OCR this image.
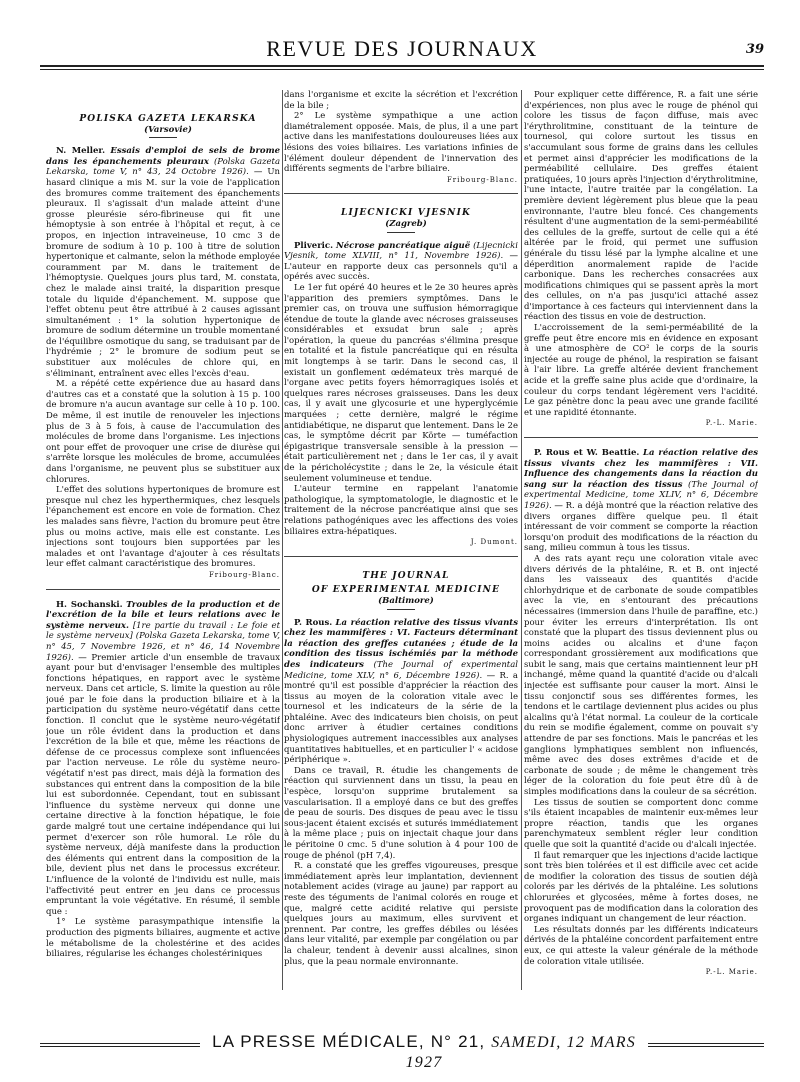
REVUE DES JOURNAUX	39

POLISKA GAZETA LEKARSKA

(Varsovie)

N. Meller. Essais d'emploi de sels de brome dans les épanchements pleuraux (Polska Gazeta Lekarska, tome V, n° 43, 24 Octobre 1926). — Un hasard clinique a mis M. sur la voie de l'application des bromures comme traitement des épanchements pleuraux. Il s'agissait d'un malade atteint d'une grosse pleurésie séro-fibrineuse qui fit une hémoptysie à son entrée à l'hôpital et reçut, à ce propos, en injection intraveineuse, 10 cmc 3 de bromure de sodium à 10 p. 100 à titre de solution hypertonique et calmante, selon la méthode employée couramment par M. dans le traitement de l'hémoptysie. Quelques jours plus tard, M. constata, chez le malade ainsi traité, la disparition presque totale du liquide d'épanchement. M. suppose que l'effet obtenu peut être attribué à 2 causes agissant simultanément : 1° la solution hypertonique de bromure de sodium détermine un trouble momentané de l'équilibre osmotique du sang, se traduisant par de l'hydrémie ; 2° le bromure de sodium peut se substituer aux molécules de chlore qui, en s'éliminant, entraînent avec elles l'excès d'eau.

M. a répété cette expérience due au hasard dans d'autres cas et a constaté que la solution à 15 p. 100 de bromure n'a aucun avantage sur celle à 10 p. 100. De même, il est inutile de renouveler les injections plus de 3 à 5 fois, à cause de l'accumulation des molécules de brome dans l'organisme. Les injections ont pour effet de provoquer une crise de diurèse qui s'arrête lorsque les molécules de brome, accumulées dans l'organisme, ne peuvent plus se substituer aux chlorures.

L'effet des solutions hypertoniques de bromure est presque nul chez les hyperthermiques, chez lesquels l'épanchement est encore en voie de formation. Chez les malades sans fièvre, l'action du bromure peut être plus ou moins active, mais elle est constante. Les injections sont toujours bien supportées par les malades et ont l'avantage d'ajouter à ces résultats leur effet calmant caractéristique des bromures.

Fribourg-Blanc.

H. Sochanski. Troubles de la production et de l'excrétion de la bile et leurs relations avec le système nerveux. [1re partie du travail : Le foie et le système nerveux] (Polska Gazeta Lekarska, tome V, n° 45, 7 Novembre 1926, et n° 46, 14 Novembre 1926). — Premier article d'un ensemble de travaux ayant pour but d'envisager l'ensemble des multiples fonctions hépatiques, en rapport avec le système nerveux. Dans cet article, S. limite la question au rôle joué par le foie dans la production biliaire et à la participation du système neuro-végétatif dans cette fonction. Il conclut que le système neuro-végétatif joue un rôle évident dans la production et dans l'excrétion de la bile et que, même les réactions de défense de ce processus complexe sont influencées par l'action nerveuse. Le rôle du système neuro-végétatif n'est pas direct, mais déjà la formation des substances qui entrent dans la composition de la bile lui est subordonnée. Cependant, tout en subissant l'influence du système nerveux qui donne une certaine directive à la fonction hépatique, le foie garde malgré tout une certaine indépendance qui lui permet d'exercer son rôle humoral. Le rôle du système nerveux, déjà manifeste dans la production des éléments qui entrent dans la composition de la bile, devient plus net dans le processus excréteur. L'influence de la volonté de l'individu est nulle, mais l'affectivité peut entrer en jeu dans ce processus empruntant la voie végétative. En résumé, il semble que :

1° Le système parasympathique intensifie la production des pigments biliaires, augmente et active le métabolisme de la cholestérine et des acides biliaires, régularise les échanges cholestériniques

dans l'organisme et excite la sécrétion et l'excrétion de la bile ;

2° Le système sympathique a une action diamétralement opposée. Mais, de plus, il a une part active dans les manifestations douloureuses liées aux lésions des voies biliaires. Les variations infinies de l'élément douleur dépendent de l'innervation des différents segments de l'arbre biliaire.

Fribourg-Blanc.

LIJECNICKI VJESNIK

(Zagreb)

Pliveric. Nécrose pancréatique aiguë (Lijecnicki Vjesnik, tome XLVIII, n° 11, Novembre 1926). — L'auteur en rapporte deux cas personnels qu'il a opérés avec succès.

Le 1er fut opéré 40 heures et le 2e 30 heures après l'apparition des premiers symptômes. Dans le premier cas, on trouva une suffusion hémorragique étendue de toute la glande avec nécroses graisseuses considérables et exsudat brun sale ; après l'opération, la queue du pancréas s'élimina presque en totalité et la fistule pancréatique qui en résulta mit longtemps à se tarir. Dans le second cas, il existait un gonflement œdémateux très marqué de l'organe avec petits foyers hémorragiques isolés et quelques rares nécroses graisseuses. Dans les deux cas, il y avait une glycosurie et une hyperglycémie marquées ; cette dernière, malgré le régime antidiabétique, ne disparut que lentement. Dans le 2e cas, le symptôme décrit par Körte — tuméfaction épigastrique transversale sensible à la pression — était particulièrement net ; dans le 1er cas, il y avait de la péricholécystite ; dans le 2e, la vésicule était seulement volumineuse et tendue.

L'auteur termine en rappelant l'anatomie pathologique, la symptomatologie, le diagnostic et le traitement de la nécrose pancréatique ainsi que ses relations pathogéniques avec les affections des voies biliaires extra-hépatiques.

J. Dumont.

THE JOURNAL

OF EXPERIMENTAL MEDICINE

(Baltimore)

P. Rous. La réaction relative des tissus vivants chez les mammifères : VI. Facteurs déterminant la réaction des greffes cutanées ; étude de la condition des tissus ischémiés par la méthode des indicateurs (The Journal of experimental Medicine, tome XLV, n° 6, Décembre 1926). — R. a montré qu'il est possible d'apprécier la réaction des tissus au moyen de la coloration vitale avec le tournesol et les indicateurs de la série de la phtaléine. Avec des indicateurs bien choisis, on peut donc arriver à étudier certaines conditions physiologiques autrement inaccessibles aux analyses quantitatives habituelles, et en particulier l' « acidose périphérique ».

Dans ce travail, R. étudie les changements de réaction qui surviennent dans un tissu, la peau en l'espèce, lorsqu'on supprime brutalement sa vascularisation. Il a employé dans ce but des greffes de peau de souris. Des disques de peau avec le tissu sous-jacent étaient excisés et suturés immédiatement à la même place ; puis on injectait chaque jour dans le péritoine 0 cmc. 5 d'une solution à 4 pour 100 de rouge de phénol (pH 7,4).

R. a constaté que les greffes vigoureuses, presque immédiatement après leur implantation, deviennent notablement acides (virage au jaune) par rapport au reste des téguments de l'animal colorés en rouge et que, malgré cette acidité relative qui persiste quelques jours au maximum, elles survivent et prennent. Par contre, les greffes débiles ou lésées dans leur vitalité, par exemple par congélation ou par la chaleur, tendent à devenir aussi alcalines, sinon plus, que la peau normale environnante.

Pour expliquer cette différence, R. a fait une série d'expériences, non plus avec le rouge de phénol qui colore les tissus de façon diffuse, mais avec l'érythrolitmine, constituant de la teinture de tournesol, qui colore surtout les tissus en s'accumulant sous forme de grains dans les cellules et permet ainsi d'apprécier les modifications de la perméabilité cellulaire. Des greffes étaient pratiquées, 10 jours après l'injection d'érythrolitmine, l'une intacte, l'autre traitée par la congélation. La première devient légèrement plus bleue que la peau environnante, l'autre bleu foncé. Ces changements résultent d'une augmentation de la semi-perméabilité des cellules de la greffe, surtout de celle qui a été altérée par le froid, qui permet une suffusion générale du tissu lésé par la lymphe alcaline et une déperdition anormalement rapide de l'acide carbonique. Dans les recherches consacrées aux modifications chimiques qui se passent après la mort des cellules, on n'a pas jusqu'ici attaché assez d'importance à ces facteurs qui interviennent dans la réaction des tissus en voie de destruction.

L'accroissement de la semi-perméabilité de la greffe peut être encore mis en évidence en exposant à une atmosphère de CO² le corps de la souris injectée au rouge de phénol, la respiration se faisant à l'air libre. La greffe altérée devient franchement acide et la greffe saine plus acide que d'ordinaire, la couleur du corps tendant légèrement vers l'acidité. Le gaz pénètre donc la peau avec une grande facilité et une rapidité étonnante.

P.-L. Marie.

P. Rous et W. Beattie. La réaction relative des tissus vivants chez les mammifères : VII. Influence des changements dans la réaction du sang sur la réaction des tissus (The Journal of experimental Medicine, tome XLIV, n° 6, Décembre 1926). — R. a déjà montré que la réaction relative des divers organes diffère quelque peu. Il était intéressant de voir comment se comporte la réaction lorsqu'on produit des modifications de la réaction du sang, milieu commun à tous les tissus.

A des rats ayant reçu une coloration vitale avec divers dérivés de la phtaléine, R. et B. ont injecté dans les vaisseaux des quantités d'acide chlorhydrique et de carbonate de soude compatibles avec la vie, en s'entourant des précautions nécessaires (immersion dans l'huile de paraffine, etc.) pour éviter les erreurs d'interprétation. Ils ont constaté que la plupart des tissus deviennent plus ou moins acides ou alcalins et d'une façon correspondant grossièrement aux modifications que subit le sang, mais que certains maintiennent leur pH inchangé, même quand la quantité d'acide ou d'alcali injectée est suffisante pour causer la mort. Ainsi le tissu conjonctif sous ses différentes formes, les tendons et le cartilage deviennent plus acides ou plus alcalins qu'à l'état normal. La couleur de la corticale du rein se modifie également, comme on pouvait s'y attendre de par ses fonctions. Mais le pancréas et les ganglions lymphatiques semblent non influencés, même avec des doses extrêmes d'acide et de carbonate de soude ; de même le changement très léger de la coloration du foie peut être dû à de simples modifications dans la couleur de sa sécrétion.

Les tissus de soutien se comportent donc comme s'ils étaient incapables de maintenir eux-mêmes leur propre réaction, tandis que les organes parenchymateux semblent régler leur condition quelle que soit la quantité d'acide ou d'alcali injectée.

Il faut remarquer que les injections d'acide lactique sont très bien tolérées et il est difficile avec cet acide de modifier la coloration des tissus de soutien déjà colorés par les dérivés de la phtaléine. Les solutions chlorurées et glycosées, même à fortes doses, ne provoquent pas de modification dans la coloration des organes indiquant un changement de leur réaction.

Les résultats donnés par les différents indicateurs dérivés de la phtaléine concordent parfaitement entre eux, ce qui atteste la valeur générale de la méthode de coloration vitale utilisée.

P.-L. Marie.

LA PRESSE MÉDICALE, N° 21, SAMEDI, 12 MARS 1927
